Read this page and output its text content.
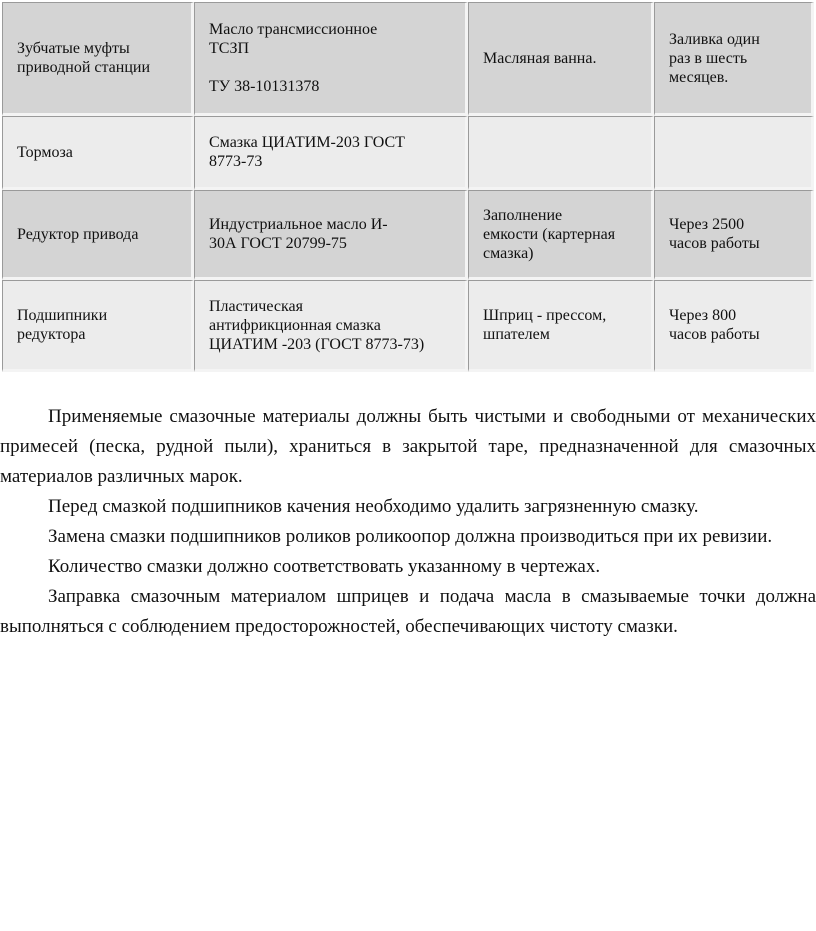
Зубчатые муфты
приводной станции
Масло трансмиссионное
ТСЗП

ТУ 38-10131378
Масляная ванна.
Заливка один
раз в шесть
месяцев.
Тормоза
Смазка ЦИАТИМ-203 ГОСТ
8773-73
Редуктор привода
Индустриальное масло И-
30А ГОСТ 20799-75
Заполнение
емкости (картерная
смазка)
Через 2500
часов работы
Подшипники
редуктора
Пластическая
антифрикционная смазка
ЦИАТИМ -203 (ГОСТ 8773-73)
Шприц - прессом,
шпателем
Через 800
часов работы

Применяемые смазочные материалы должны быть чистыми и свободными от механических примесей (песка, рудной пыли), храниться в закрытой таре, предназначенной для смазочных материалов различных марок.

Перед смазкой подшипников качения необходимо удалить загрязненную смазку.

Замена смазки подшипников роликов роликоопор должна производиться при их ревизии.

Количество смазки должно соответствовать указанному в чертежах.

Заправка смазочным материалом шприцев и подача масла в смазываемые точки должна выполняться с соблюдением предосторожностей, обеспечивающих чистоту смазки.
